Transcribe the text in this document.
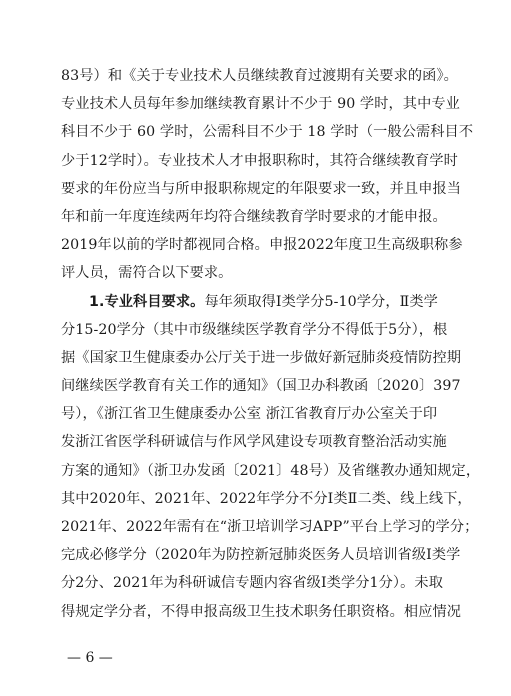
83号）和《关于专业技术人员继续教育过渡期有关要求的函》。
专业技术人员每年参加继续教育累计不少于 90 学时，其中专业
科目不少于 60 学时，公需科目不少于 18 学时（一般公需科目不
少于12学时）。专业技术人才申报职称时，其符合继续教育学时
要求的年份应当与所申报职称规定的年限要求一致，并且申报当
年和前一年度连续两年均符合继续教育学时要求的才能申报。
2019年以前的学时都视同合格。申报2022年度卫生高级职称参
评人员，需符合以下要求。
1.专业科目要求。每年须取得Ⅰ类学分5-10学分，Ⅱ类学
分15-20学分（其中市级继续医学教育学分不得低于5分），根
据《国家卫生健康委办公厅关于进一步做好新冠肺炎疫情防控期
间继续医学教育有关工作的通知》（国卫办科教函〔2020〕397
号），《浙江省卫生健康委办公室 浙江省教育厅办公室关于印
发浙江省医学科研诚信与作风学风建设专项教育整治活动实施
方案的通知》（浙卫办发函〔2021〕48号）及省继教办通知规定，
其中2020年、2021年、2022年学分不分Ⅰ类Ⅱ二类、线上线下，
2021年、2022年需有在“浙卫培训学习APP”平台上学习的学分；
完成必修学分（2020年为防控新冠肺炎医务人员培训省级Ⅰ类学
分2分、2021年为科研诚信专题内容省级Ⅰ类学分1分）。未取
得规定学分者，不得申报高级卫生技术职务任职资格。相应情况
— 6 —
